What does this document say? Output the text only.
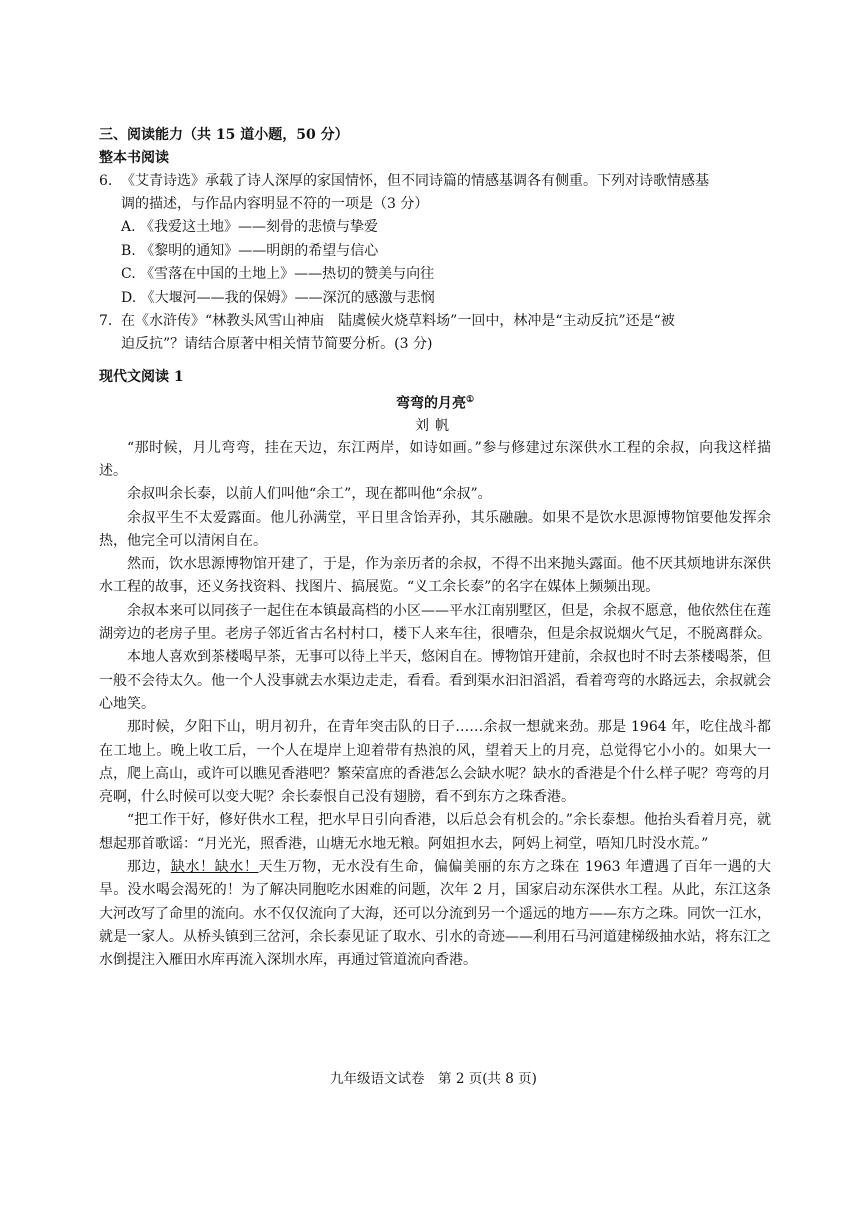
三、阅读能力（共 15 道小题，50 分）
整本书阅读
6. 《艾青诗选》承载了诗人深厚的家国情怀，但不同诗篇的情感基调各有侧重。下列对诗歌情感基
调的描述，与作品内容明显不符的一项是（3 分）
A. 《我爱这土地》——刻骨的悲愤与挚爱
B. 《黎明的通知》——明朗的希望与信心
C. 《雪落在中国的土地上》——热切的赞美与向往
D. 《大堰河——我的保姆》——深沉的感激与悲悯
7. 在《水浒传》“林教头风雪山神庙　陆虞候火烧草料场”一回中，林冲是“主动反抗”还是“被
迫反抗”？请结合原著中相关情节简要分析。(3 分)
现代文阅读 1
弯弯的月亮①
刘帆

“那时候，月儿弯弯，挂在天边，东江两岸，如诗如画。”参与修建过东深供水工程的余叔，向我这样描述。

余叔叫余长泰，以前人们叫他“余工”，现在都叫他“余叔”。

余叔平生不太爱露面。他儿孙满堂，平日里含饴弄孙，其乐融融。如果不是饮水思源博物馆要他发挥余热，他完全可以清闲自在。

然而，饮水思源博物馆开建了，于是，作为亲历者的余叔，不得不出来抛头露面。他不厌其烦地讲东深供水工程的故事，还义务找资料、找图片、搞展览。“义工余长泰”的名字在媒体上频频出现。

余叔本来可以同孩子一起住在本镇最高档的小区——平水江南别墅区，但是，余叔不愿意，他依然住在莲湖旁边的老房子里。老房子邻近省古名村村口，楼下人来车往，很嘈杂，但是余叔说烟火气足，不脱离群众。

本地人喜欢到茶楼喝早茶，无事可以待上半天，悠闲自在。博物馆开建前，余叔也时不时去茶楼喝茶，但一般不会待太久。他一个人没事就去水渠边走走，看看。看到渠水汩汩滔滔，看着弯弯的水路远去，余叔就会心地笑。

那时候，夕阳下山，明月初升，在青年突击队的日子……余叔一想就来劲。那是 1964 年，吃住战斗都在工地上。晚上收工后，一个人在堤岸上迎着带有热浪的风，望着天上的月亮，总觉得它小小的。如果大一点，爬上高山，或许可以瞧见香港吧？繁荣富庶的香港怎么会缺水呢？缺水的香港是个什么样子呢？弯弯的月亮啊，什么时候可以变大呢？余长泰恨自己没有翅膀，看不到东方之珠香港。

“把工作干好，修好供水工程，把水早日引向香港，以后总会有机会的。”余长泰想。他抬头看着月亮，就想起那首歌谣：“月光光，照香港，山塘无水地无粮。阿姐担水去，阿妈上祠堂，唔知几时没水荒。”

那边，缺水！缺水！天生万物，无水没有生命，偏偏美丽的东方之珠在 1963 年遭遇了百年一遇的大旱。没水喝会渴死的！为了解决同胞吃水困难的问题，次年 2 月，国家启动东深供水工程。从此，东江这条大河改写了命里的流向。水不仅仅流向了大海，还可以分流到另一个遥远的地方——东方之珠。同饮一江水，就是一家人。从桥头镇到三岔河，余长泰见证了取水、引水的奇迹——利用石马河道建梯级抽水站，将东江之水倒提注入雁田水库再流入深圳水库，再通过管道流向香港。

九年级语文试卷　第 2 页(共 8 页)
